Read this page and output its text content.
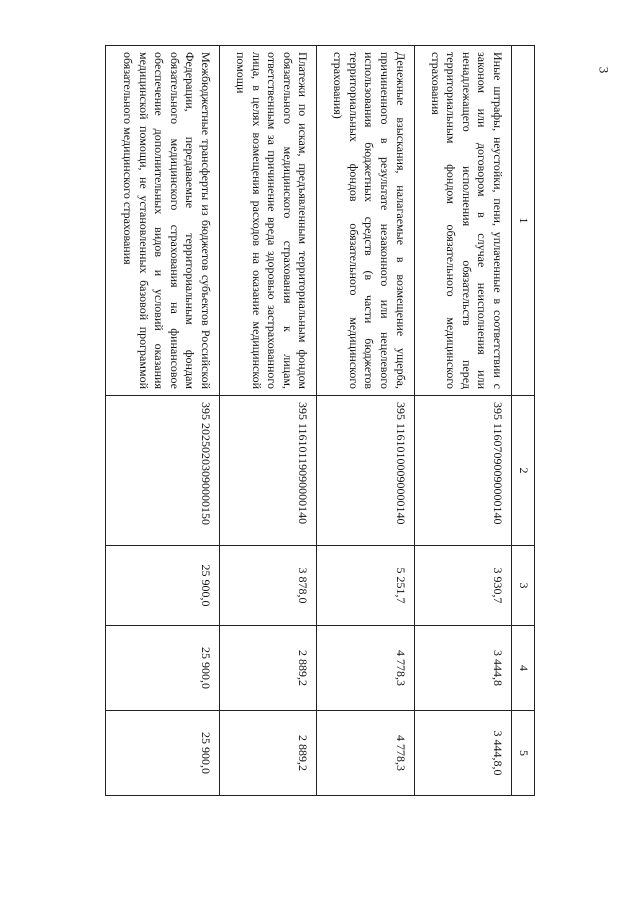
3
1	2	3	4	5
Иные штрафы, неустойки, пени, уплаченные в соответствии с законом или договором в случае неисполнения или ненадлежащего исполнения обязательств перед территориальным фондом обязательного медицинского страхования	395 11607090090000140	3 930,7	3 444,8	3 444,8,0
Денежные взыскания, налагаемые в возмещение ущерба, причиненного в результате незаконного или нецелевого использования бюджетных средств (в части бюджетов территориальных фондов обязательного медицинского страхования)	395 11610100090000140	5 251,7	4 778,3	4 778,3
Платежи по искам, предъявленным территориальным фондом обязательного медицинского страхования к лицам, ответственным за причинение вреда здоровью застрахованного лица, в целях возмещения расходов на оказание медицинской помощи	395 11610119090000140	3 878,0	2 889,2	2 889,2
Межбюджетные трансферты из бюджетов субъектов Российской Федерации, передаваемые территориальным фондам обязательного медицинского страхования на финансовое обеспечение дополнительных видов и условий оказания медицинской помощи, не установленных базовой программой обязательного медицинского страхования	395 20250203090000150	25 900,0	25 900,0	25 900,0
